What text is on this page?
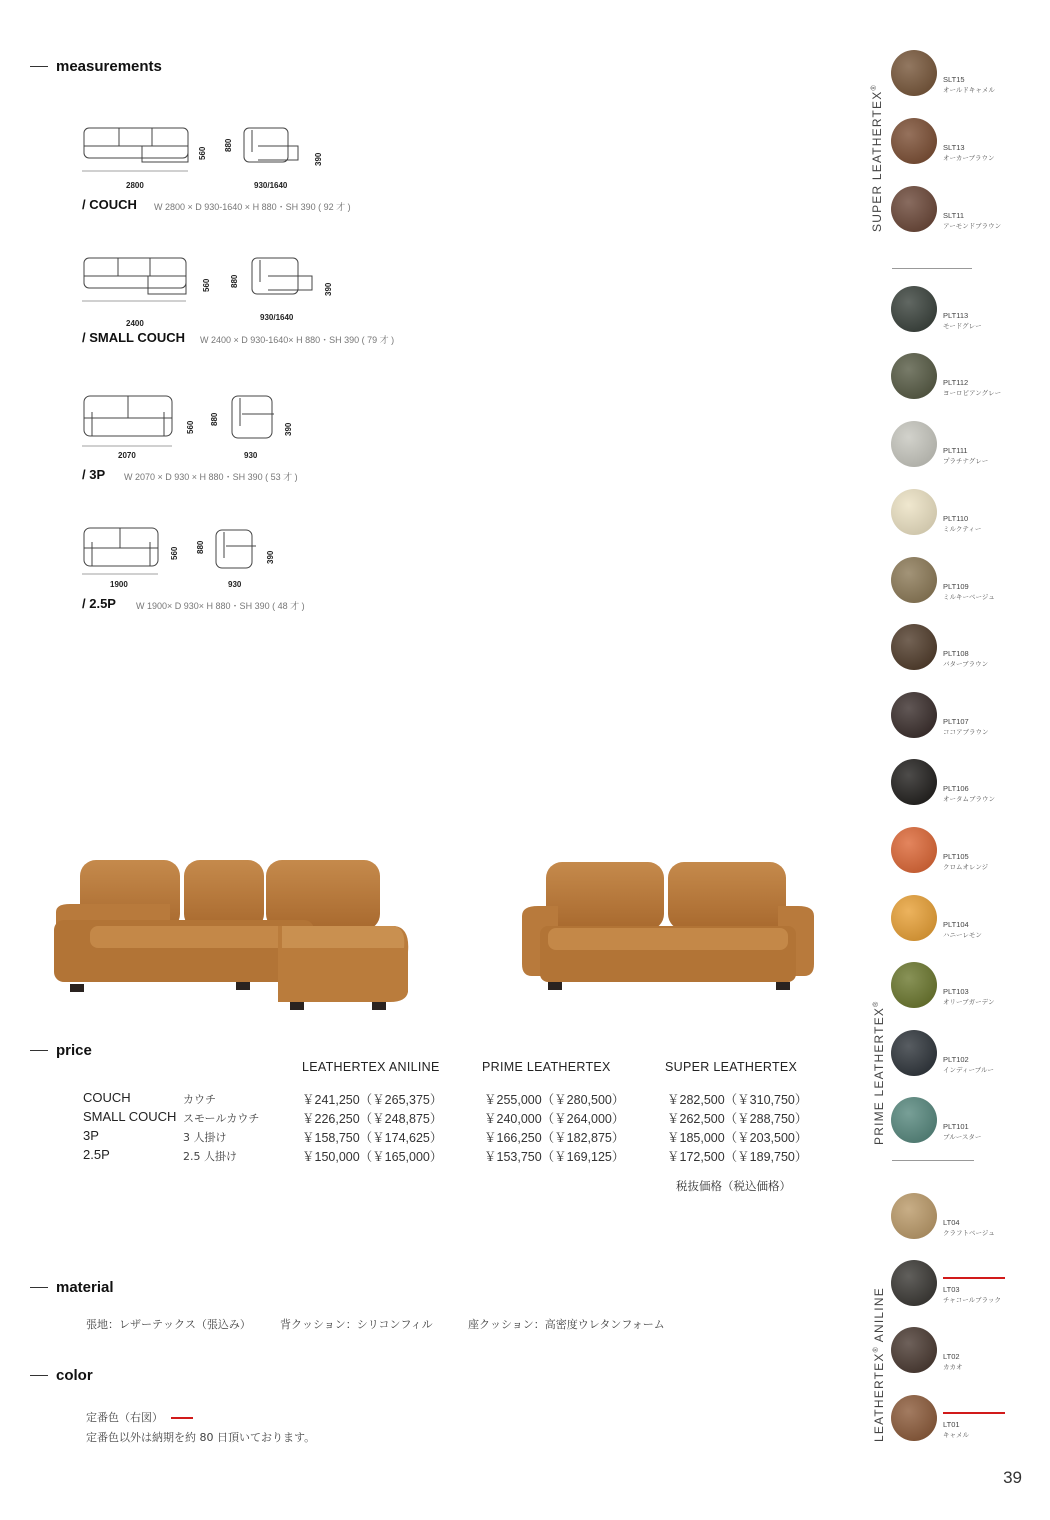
measurements
560
880
390
2800	930/1640
/ COUCH W 2800 × D 930-1640 × H 880・SH 390 ( 92 才 )
560 880
390
2400
930/1640
/ SMALL COUCH W 2400 × D 930-1640× H 880・SH 390 ( 79 才 )
560
880
390
2070	930
/ 3P W 2070 × D 930 × H 880・SH 390 ( 53 才 )
560 880
390
1900	930
/ 2.5P W 1900× D 930× H 880・SH 390 ( 48 才 )
price
LEATHERTEX ANILINE	PRIME LEATHERTEX	SUPER LEATHERTEX
COUCH	カウチ	￥241,250（￥265,375）	￥255,000（￥280,500）	￥282,500（￥310,750）
SMALL COUCH スモールカウチ	￥226,250（￥248,875）	￥240,000（￥264,000）	￥262,500（￥288,750）
3P	3 人掛け	￥158,750（￥174,625）	￥166,250（￥182,875）	￥185,000（￥203,500）
2.5P	2.5 人掛け	￥150,000（￥165,000）	￥153,750（￥169,125）	￥172,500（￥189,750）
税抜価格（税込価格）
material
張地：レザーテックス（張込み）	背クッション：シリコンフィル	座クッション：高密度ウレタンフォーム
color
定番色（右図）
定番色以外は納期を約 80 日頂いております。
SUPER LEATHERTEX®
PRIME LEATHERTEX®
LEATHERTEX® ANILINE
SLT15
オールドキャメル
SLT13
オーカーブラウン
SLT11
アーモンドブラウン
PLT113
モードグレー
PLT112
ヨーロピアングレー
PLT111
プラチナグレー
PLT110
ミルクティー
PLT109
ミルキーベージュ
PLT108
バターブラウン
PLT107
ココアブラウン
PLT106
オータムブラウン
PLT105
クロムオレンジ
PLT104
ハニーレモン
PLT103
オリーブガーデン
PLT102
インディーブルー
PLT101
ブルースター
LT04
クラフトベージュ
LT03
チャコールブラック
LT02
カカオ
LT01
キャメル
39
